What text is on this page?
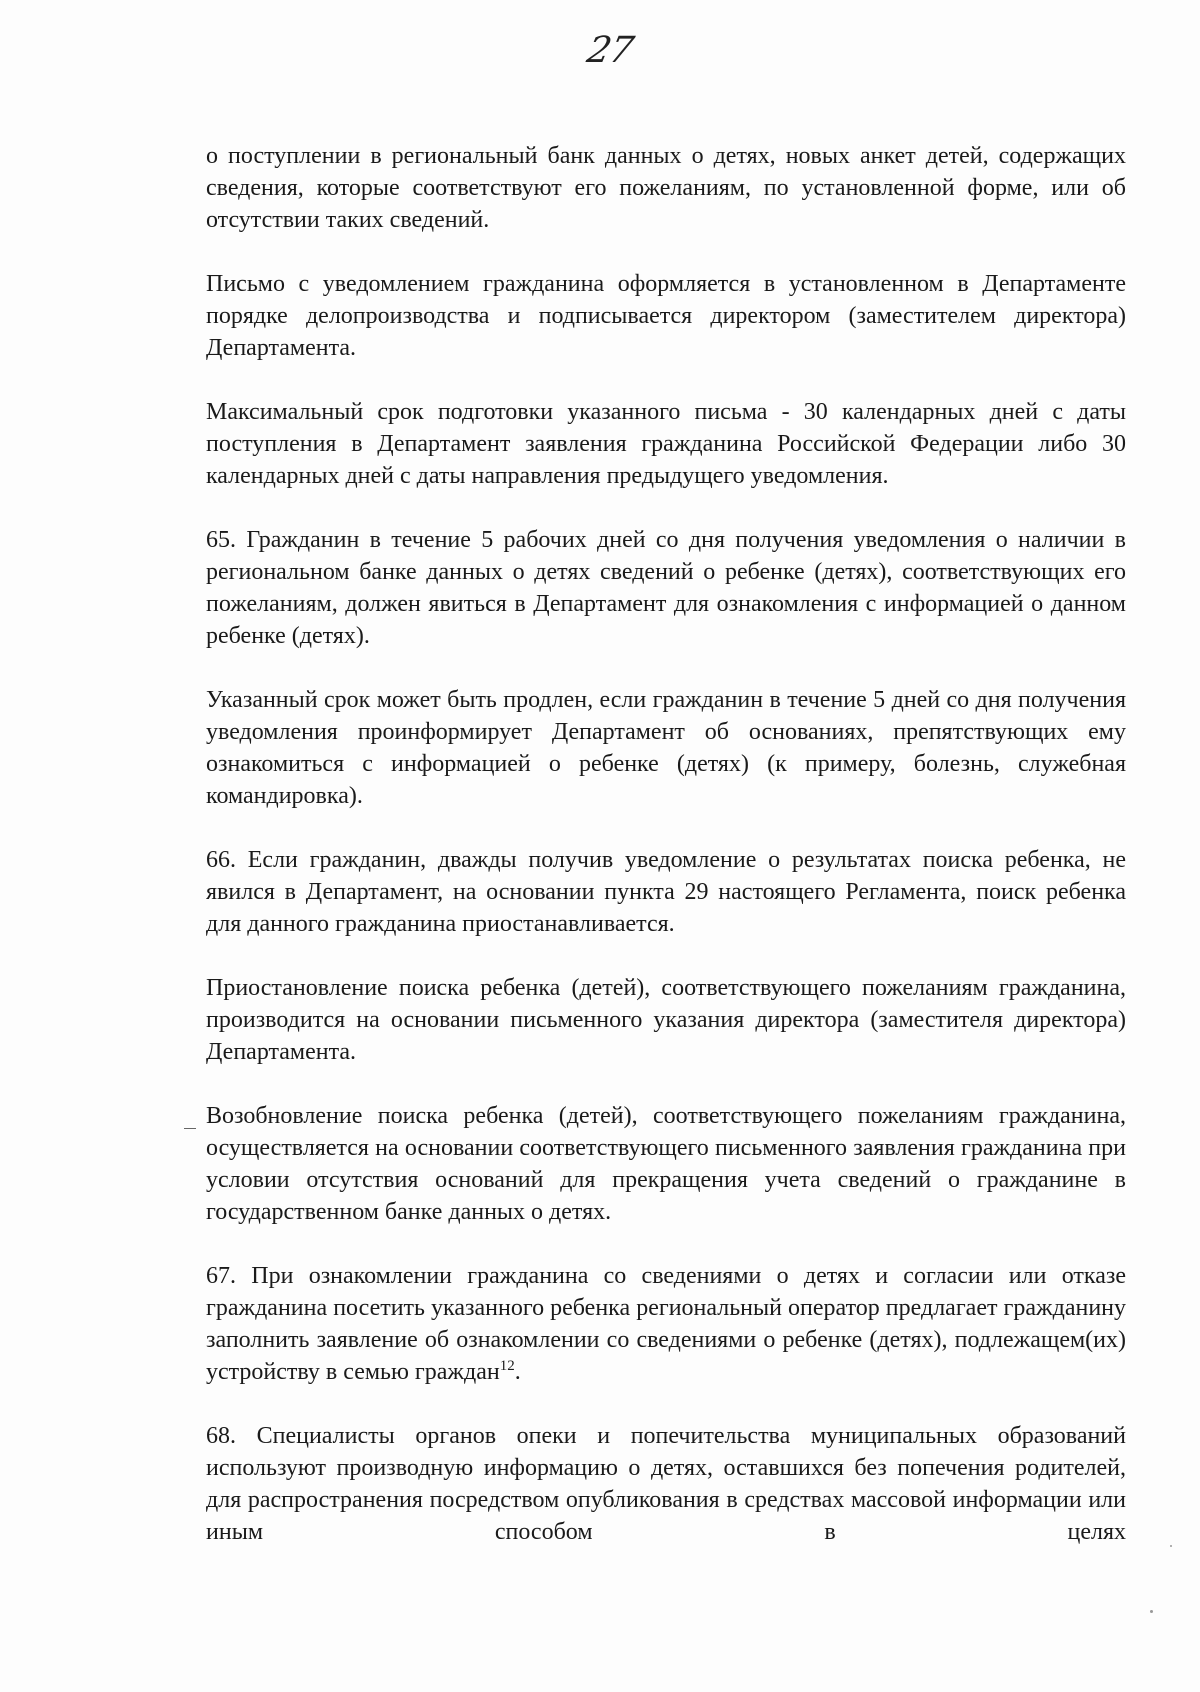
27

о поступлении в региональный банк данных о детях, новых анкет детей, содержащих сведения, которые соответствуют его пожеланиям, по установленной форме, или об отсутствии таких сведений.

Письмо с уведомлением гражданина оформляется в установленном в Департаменте порядке делопроизводства и подписывается директором (заместителем директора) Департамента.

Максимальный срок подготовки указанного письма - 30 календарных дней с даты поступления в Департамент заявления гражданина Российской Федерации либо 30 календарных дней с даты направления предыдущего уведомления.

65. Гражданин в течение 5 рабочих дней со дня получения уведомления о наличии в региональном банке данных о детях сведений о ребенке (детях), соответствующих его пожеланиям, должен явиться в Департамент для ознакомления с информацией о данном ребенке (детях).

Указанный срок может быть продлен, если гражданин в течение 5 дней со дня получения уведомления проинформирует Департамент об основаниях, препятствующих ему ознакомиться с информацией о ребенке (детях) (к примеру, болезнь, служебная командировка).

66. Если гражданин, дважды получив уведомление о результатах поиска ребенка, не явился в Департамент, на основании пункта 29 настоящего Регламента, поиск ребенка для данного гражданина приостанавливается.

Приостановление поиска ребенка (детей), соответствующего пожеланиям гражданина, производится на основании письменного указания директора (заместителя директора) Департамента.

Возобновление поиска ребенка (детей), соответствующего пожеланиям гражданина, осуществляется на основании соответствующего письменного заявления гражданина при условии отсутствия оснований для прекращения учета сведений о гражданине в государственном банке данных о детях.

67. При ознакомлении гражданина со сведениями о детях и согласии или отказе гражданина посетить указанного ребенка региональный оператор предлагает гражданину заполнить заявление об ознакомлении со сведениями о ребенке (детях), подлежащем(их) устройству в семью граждан$^{12}$.

68. Специалисты органов опеки и попечительства муниципальных образований используют производную информацию о детях, оставшихся без попечения родителей, для распространения посредством опубликования в средствах массовой информации или иным способом в целях
